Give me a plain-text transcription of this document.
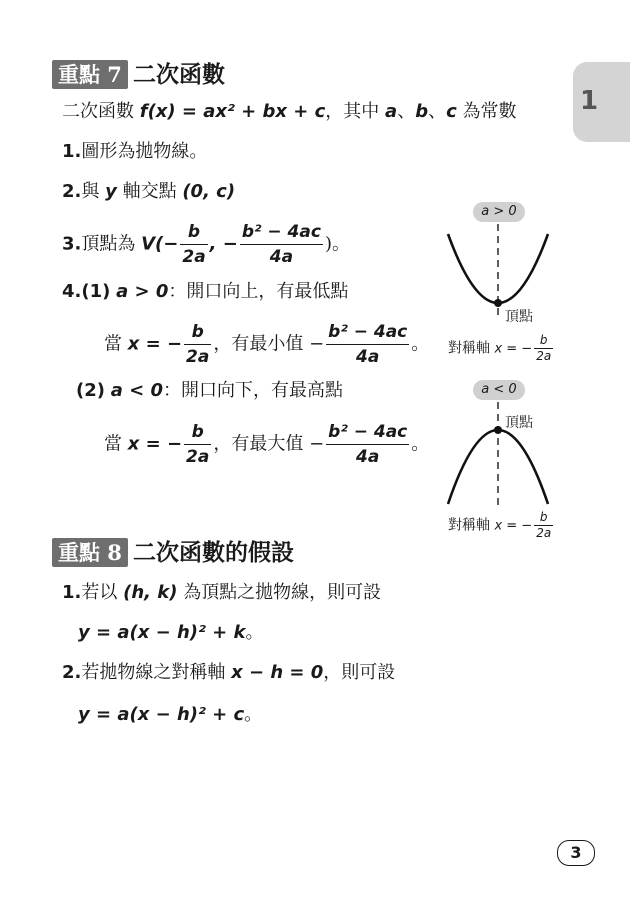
1
重點 7 二次函數
二次函數 f(x) = ax² + bx + c，其中 a、b、c 為常數
1.圖形為拋物線。
2.與 y 軸交點 (0, c)
3.頂點為 $V(- \frac{b}{2a}$ , − $\frac{\text{b² − 4ac}}{4a}$ )。
4.(1) a > 0：開口向上，有最低點
當 x = − $\frac{b}{2a}$ ，有最小值 − $\frac{\text{b² − 4ac}}{4a}$ 。
(2) a < 0：開口向下，有最高點
當 x = − $\frac{b}{2a}$ ，有最大值 − $\frac{\text{b² − 4ac}}{4a}$ 。
a > 0
頂點
對稱軸 x = − $\frac{b}{2a}$
a < 0
頂點
對稱軸 x = − $\frac{b}{2a}$
重點 8 二次函數的假設
1.若以 (h, k) 為頂點之拋物線，則可設
y = a(x − h)² + k。
2.若拋物線之對稱軸 x − h = 0，則可設
y = a(x − h)² + c。
3
